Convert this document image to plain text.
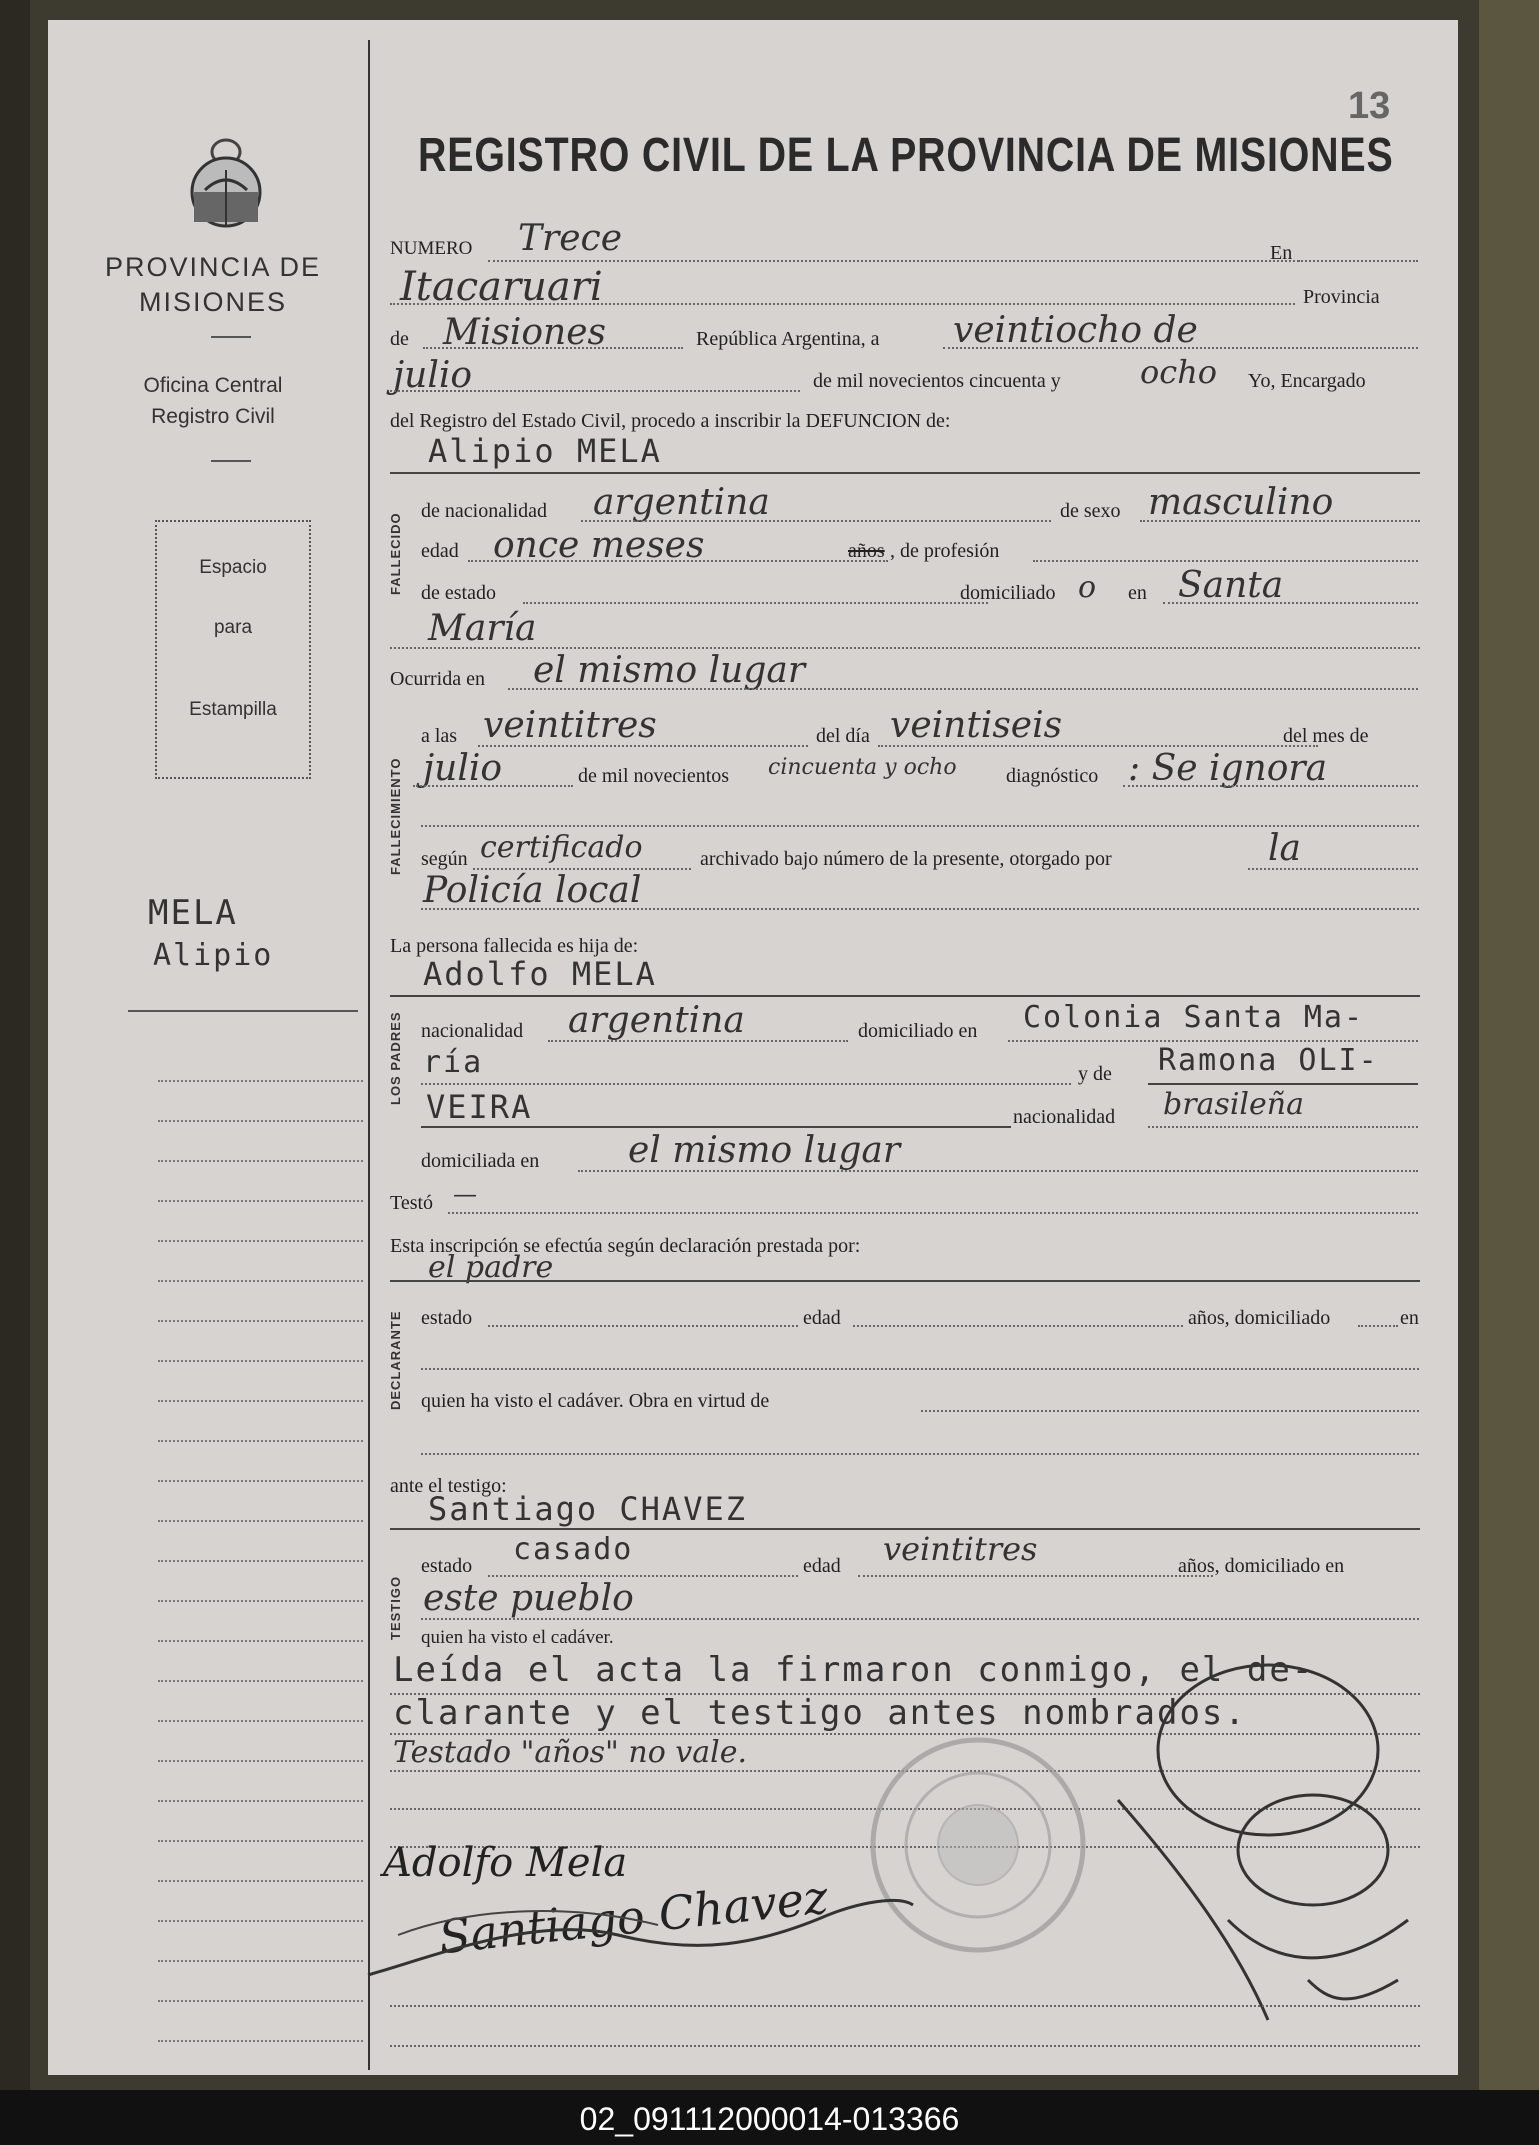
13
REGISTRO CIVIL DE LA PROVINCIA DE MISIONES
PROVINCIA DE
MISIONES
Oficina Central
Registro Civil
Espacio
para
Estampilla
MELA
Alipio
NUMERO Trece	En
Itacaruari	Provincia
de Misiones	República Argentina, a veintiocho de
julio	de mil novecientos cincuenta y ocho Yo, Encargado
del Registro del Estado Civil, procedo a inscribir la DEFUNCION de:
Alipio MELA
FALLECIDO
de nacionalidad argentina	de sexo masculino
edad once meses	años , de profesión
de estado	domiciliado o en Santa
María
Ocurrida en el mismo lugar
FALLECIMIENTO
a las veintitres	del día veintiseis	del mes de
julio	de mil novecientos cincuenta y ocho diagnóstico : Se ignora
según certificado	archivado bajo número de la presente, otorgado por	la
Policía local
La persona fallecida es hija de:
Adolfo MELA
LOS PADRES nacionalidad argentina	domiciliado en Colonia Santa Ma-
ría	y de Ramona OLI-
VEIRA	nacionalidad brasileña
domiciliada en el mismo lugar
Testó —
Esta inscripción se efectúa según declaración prestada por:
el padre
DECLARANTE estado	edad	años, domiciliado	en
quien ha visto el cadáver. Obra en virtud de
ante el testigo:
Santiago CHAVEZ
TESTIGO
estado casado	edad veintitres	años, domiciliado en
este pueblo
quien ha visto el cadáver.
Leída el acta la firmaron conmigo, el de-
clarante y el testigo antes nombrados.
Testado "años" no vale.
Adolfo Mela
Santiago Chavez
02_091112000014-013366
